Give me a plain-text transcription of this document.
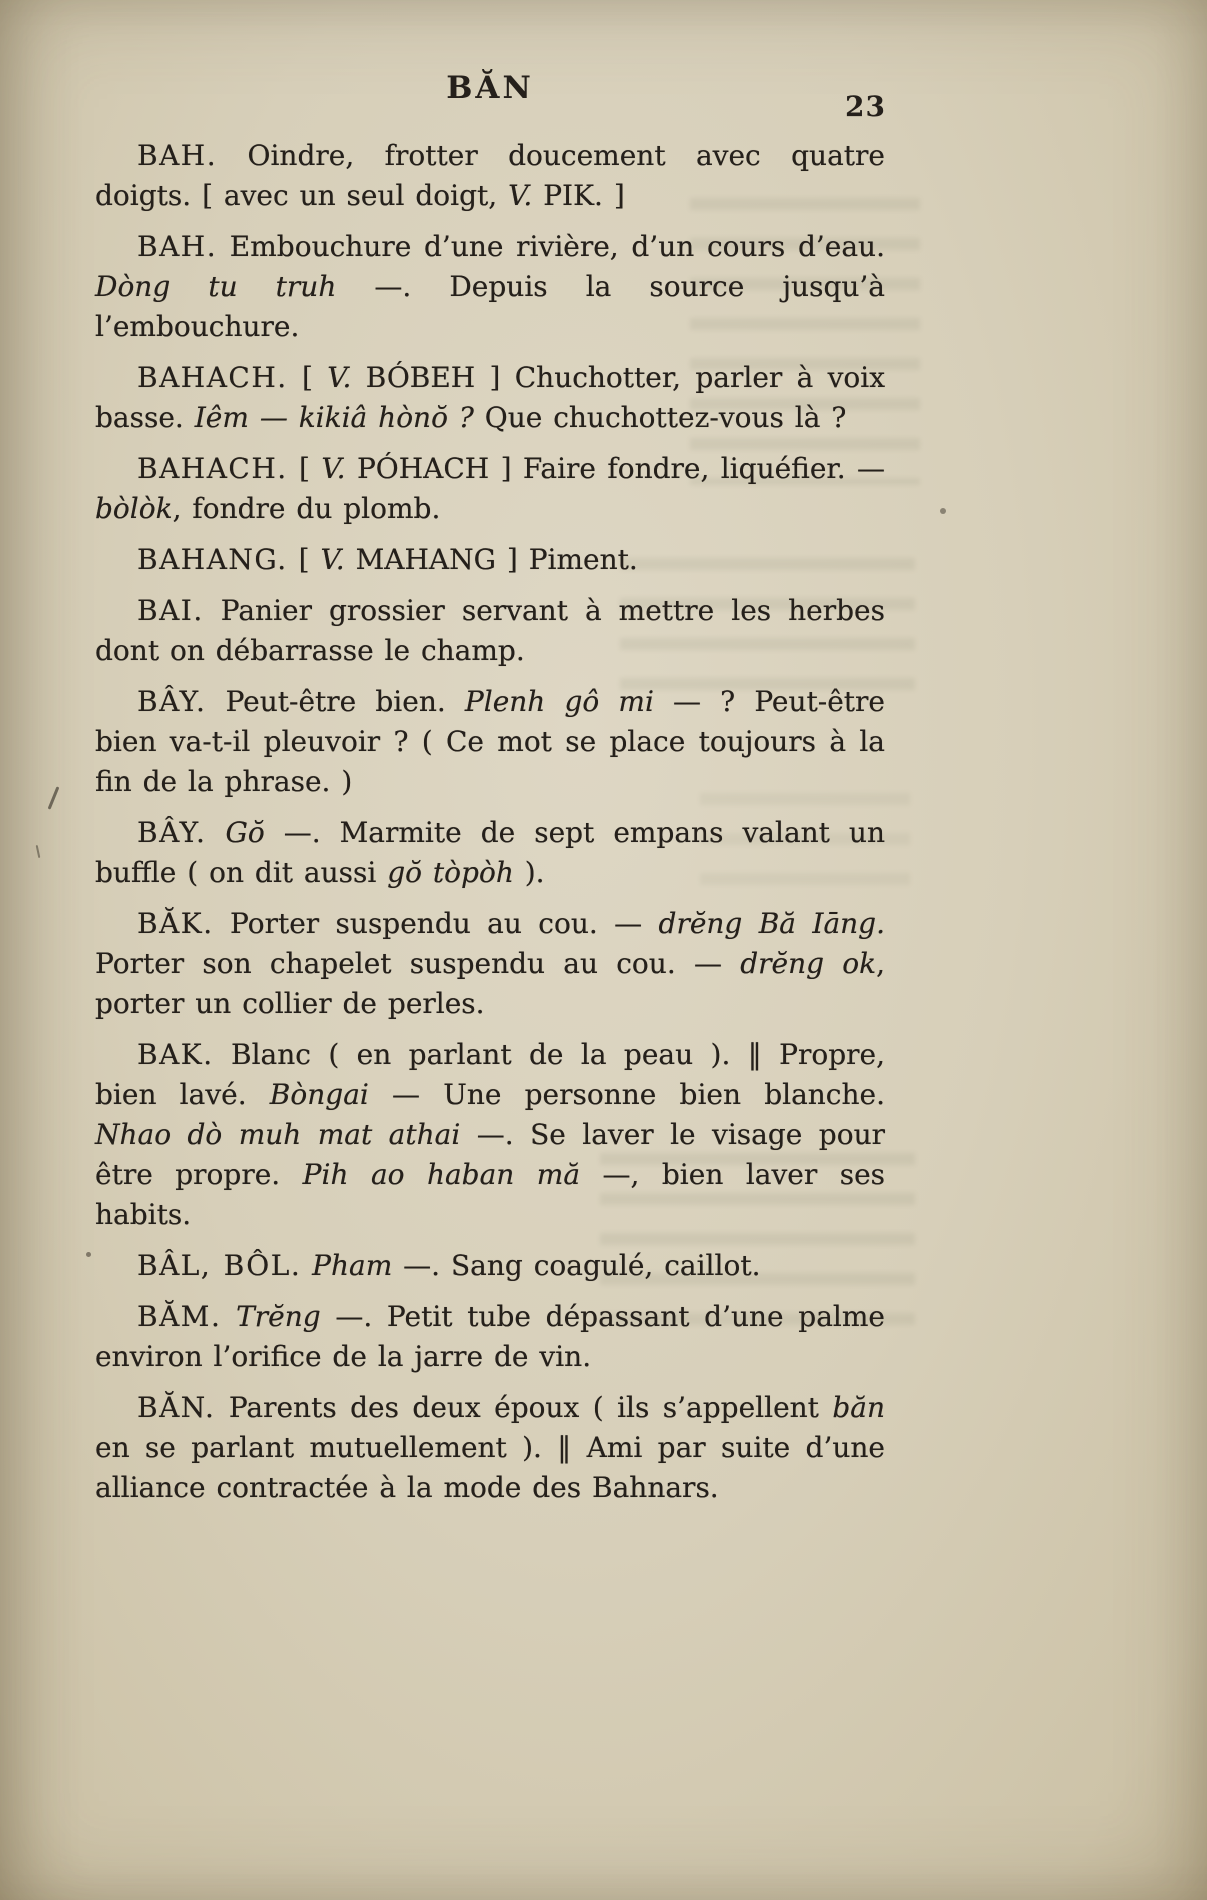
BĂN
23

BAH. Oindre, frotter doucement avec quatre doigts. [ avec un seul doigt, V. PIK. ]

BAH. Embouchure d’une rivière, d’un cours d’eau. Dòng tu truh —. Depuis la source jusqu’à l’embouchure.

BAHACH. [ V. BÓBEH ] Chuchotter, parler à voix basse. Iêm — kikiâ hònŏ ? Que chuchottez-vous là ?

BAHACH. [ V. PÓHACH ] Faire fondre, liquéfier. — bòlòk, fondre du plomb.

BAHANG. [ V. MAHANG ] Piment.

BAI. Panier grossier servant à mettre les herbes dont on débarrasse le champ.

BÂY. Peut-être bien. Plenh gô mi — ? Peut-être bien va-t-il pleuvoir ? ( Ce mot se place toujours à la fin de la phrase. )

BÂY. Gŏ —. Marmite de sept empans valant un buffle ( on dit aussi gŏ tòpòh ).

BĂK. Porter suspendu au cou. — drĕng Bă Iāng. Porter son chapelet suspendu au cou. — drĕng ok, porter un collier de perles.

BAK. Blanc ( en parlant de la peau ). ‖ Propre, bien lavé. Bòngai — Une personne bien blanche. Nhao dò muh mat athai —. Se laver le visage pour être propre. Pih ao haban mă —, bien laver ses habits.

BÂL, BÔL. Pham —. Sang coagulé, caillot.

BĂM. Trĕng —. Petit tube dépassant d’une palme environ l’orifice de la jarre de vin.

BĂN. Parents des deux époux ( ils s’appellent băn en se parlant mutuellement ). ‖ Ami par suite d’une alliance contractée à la mode des Bahnars.
